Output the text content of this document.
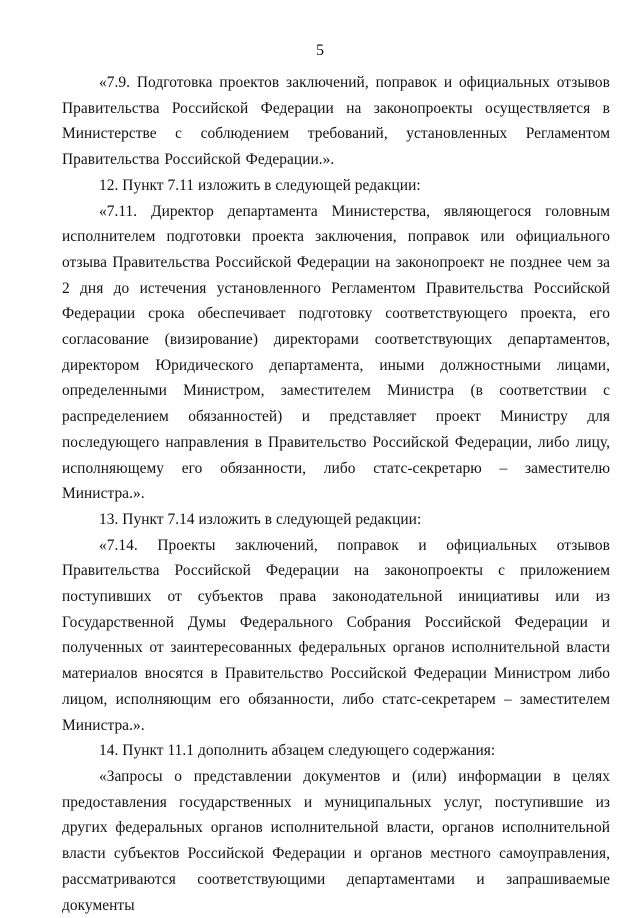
5

«7.9. Подготовка проектов заключений, поправок и официальных отзывов Правительства Российской Федерации на законопроекты осуществляется в Министерстве с соблюдением требований, установленных Регламентом Правительства Российской Федерации.».

12. Пункт 7.11 изложить в следующей редакции:

«7.11. Директор департамента Министерства, являющегося головным исполнителем подготовки проекта заключения, поправок или официального отзыва Правительства Российской Федерации на законопроект не позднее чем за 2 дня до истечения установленного Регламентом Правительства Российской Федерации срока обеспечивает подготовку соответствующего проекта, его согласование (визирование) директорами соответствующих департаментов, директором Юридического департамента, иными должностными лицами, определенными Министром, заместителем Министра (в соответствии с распределением обязанностей) и представляет проект Министру для последующего направления в Правительство Российской Федерации, либо лицу, исполняющему его обязанности, либо статс-секретарю – заместителю Министра.».

13. Пункт 7.14 изложить в следующей редакции:

«7.14. Проекты заключений, поправок и официальных отзывов Правительства Российской Федерации на законопроекты с приложением поступивших от субъектов права законодательной инициативы или из Государственной Думы Федерального Собрания Российской Федерации и полученных от заинтересованных федеральных органов исполнительной власти материалов вносятся в Правительство Российской Федерации Министром либо лицом, исполняющим его обязанности, либо статс-секретарем – заместителем Министра.».

14. Пункт 11.1 дополнить абзацем следующего содержания:

«Запросы о представлении документов и (или) информации в целях предоставления государственных и муниципальных услуг, поступившие из других федеральных органов исполнительной власти, органов исполнительной власти субъектов Российской Федерации и органов местного самоуправления, рассматриваются соответствующими департаментами и запрашиваемые документы
